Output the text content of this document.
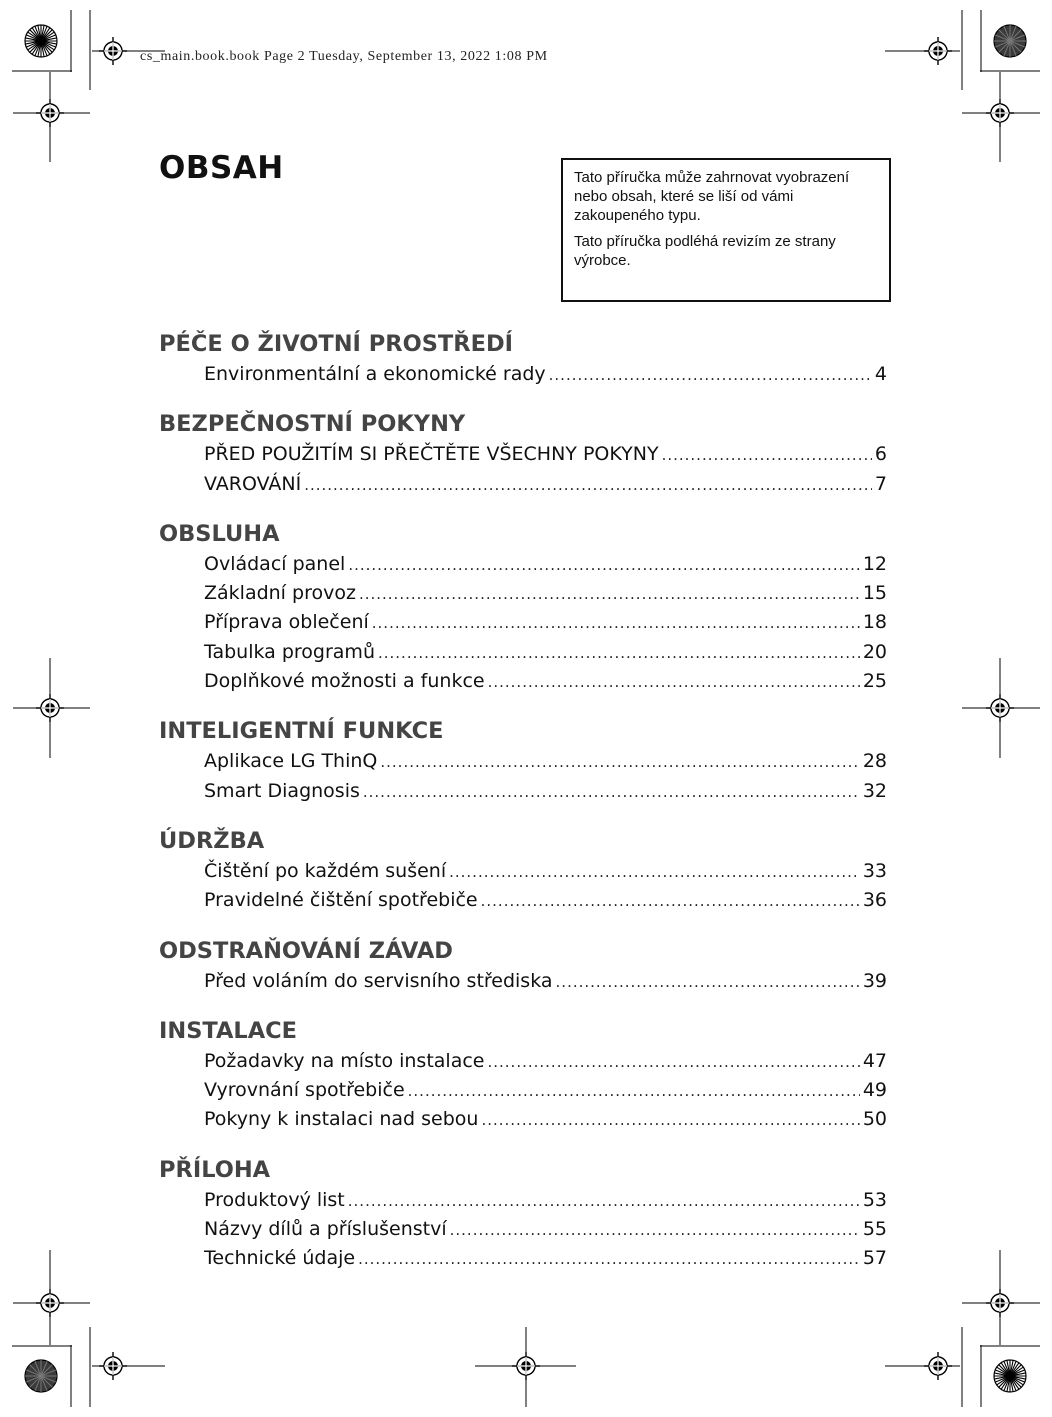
cs_main.book.book Page 2 Tuesday, September 13, 2022 1:08 PM
OBSAH	Tato příručka může zahrnovat vyobrazení nebo obsah, které se liší od vámi zakoupeného typu.

Tato příručka podléhá revizím ze strany výrobce.

PÉČE O ŽIVOTNÍ PROSTŘEDÍ
Environmentální a ekonomické rady .....	4
BEZPEČNOSTNÍ POKYNY
PŘED POUŽITÍM SI PŘEČTĚTE VŠECHNY POKYNY .....	6
VAROVÁNÍ .....	7
OBSLUHA
Ovládací panel .....	12
Základní provoz .....	15
Příprava oblečení .....	18
Tabulka programů .....	20
Doplňkové možnosti a funkce .....	25
INTELIGENTNÍ FUNKCE
Aplikace LG ThinQ .....	28
Smart Diagnosis .....	32
ÚDRŽBA
Čištění po každém sušení .....	33
Pravidelné čištění spotřebiče .....	36
ODSTRAŇOVÁNÍ ZÁVAD
Před voláním do servisního střediska .....	39
INSTALACE
Požadavky na místo instalace .....	47
Vyrovnání spotřebiče .....	49
Pokyny k instalaci nad sebou .....	50
PŘÍLOHA
Produktový list .....	53
Názvy dílů a příslušenství .....	55
Technické údaje .....	57
